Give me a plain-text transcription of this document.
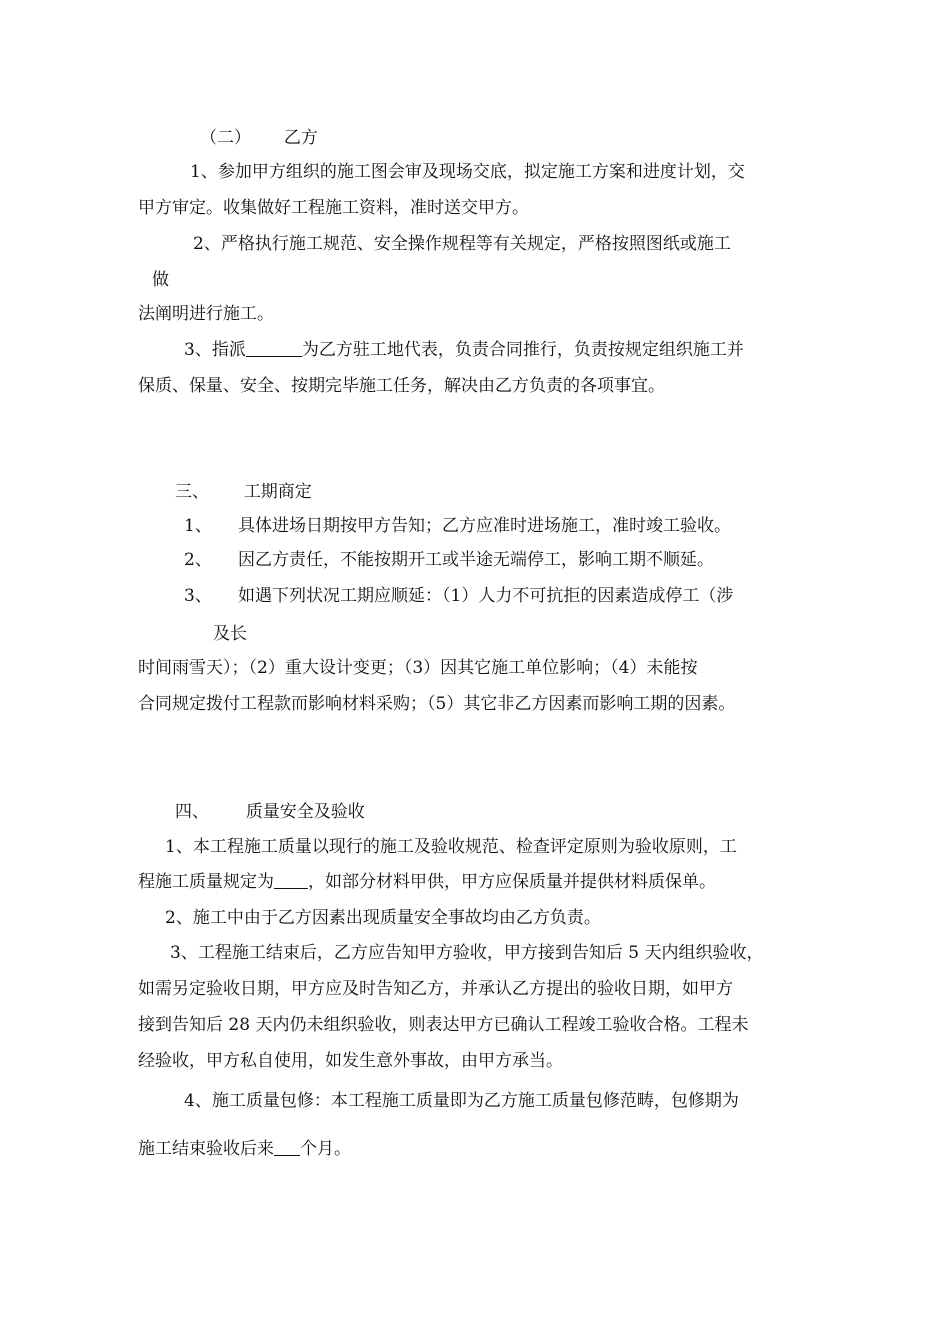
（二） 乙方
1、参加甲方组织的施工图会审及现场交底，拟定施工方案和进度计划，交
甲方审定。收集做好工程施工资料，准时送交甲方。
2、严格执行施工规范、安全操作规程等有关规定，严格按照图纸或施工
做
法阐明进行施工。
3、指派	为乙方驻工地代表，负责合同推行，负责按规定组织施工并
保质、保量、安全、按期完毕施工任务，解决由乙方负责的各项事宜。
三、 工期商定
1、 具体进场日期按甲方告知；乙方应准时进场施工，准时竣工验收。
2、 因乙方责任，不能按期开工或半途无端停工，影响工期不顺延。
3、 如遇下列状况工期应顺延：（1）人力不可抗拒的因素造成停工（涉
及长
时间雨雪天）；（2）重大设计变更；（3）因其它施工单位影响；（4）未能按
合同规定拨付工程款而影响材料采购；（5）其它非乙方因素而影响工期的因素。
四、 质量安全及验收
1、本工程施工质量以现行的施工及验收规范、检查评定原则为验收原则，工
程施工质量规定为 ，如部分材料甲供，甲方应保质量并提供材料质保单。
2、施工中由于乙方因素出现质量安全事故均由乙方负责。
3、工程施工结束后，乙方应告知甲方验收，甲方接到告知后 5 天内组织验收，
如需另定验收日期，甲方应及时告知乙方，并承认乙方提出的验收日期，如甲方
接到告知后 28 天内仍未组织验收，则表达甲方已确认工程竣工验收合格。工程未
经验收，甲方私自使用，如发生意外事故，由甲方承当。
4、施工质量包修：本工程施工质量即为乙方施工质量包修范畴，包修期为
施工结束验收后来 个月。
